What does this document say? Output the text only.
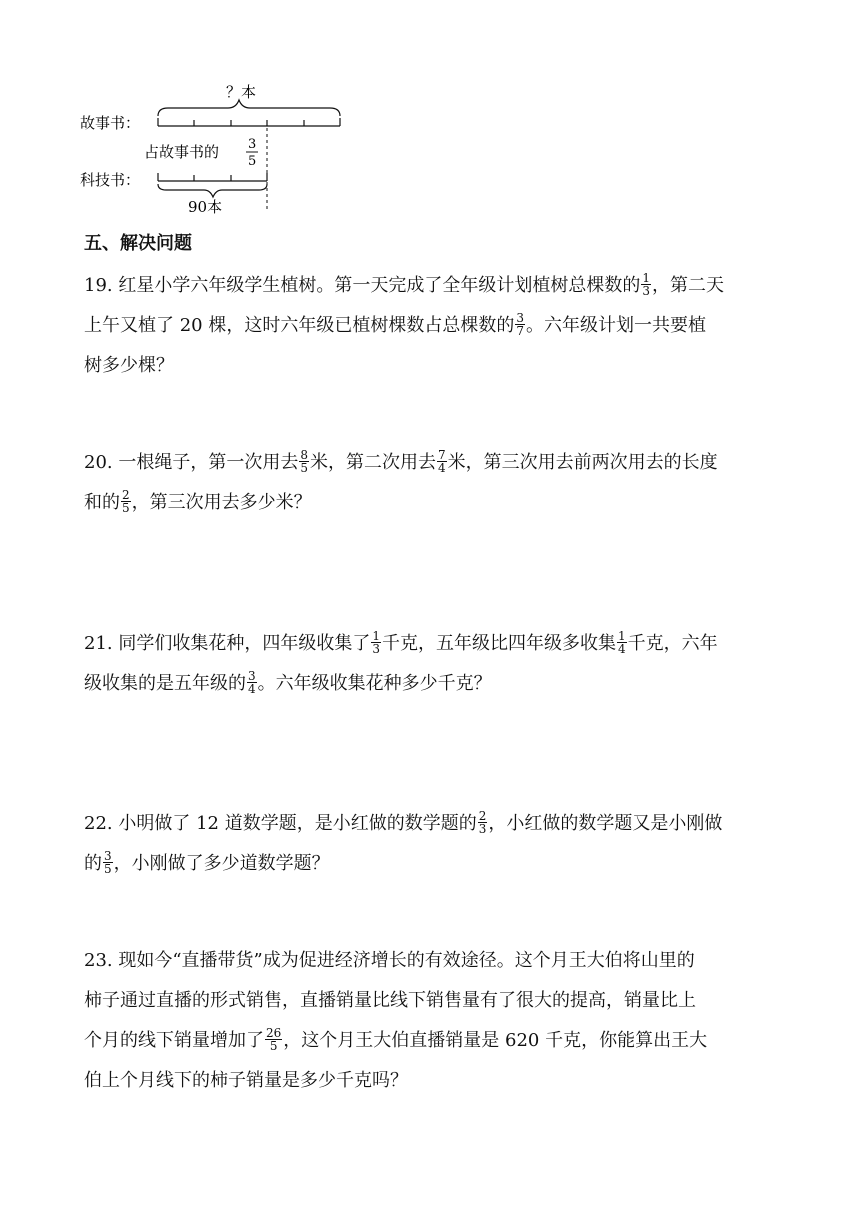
？本
故事书：
占故事书的 3
5
科技书：
90本
五、解决问题
19. 红星小学六年级学生植树。第一天完成了全年级计划植树总棵数的 $\frac{1}{3}$ ，第二天
上午又植了 20 棵，这时六年级已植树棵数占总棵数的 $\frac{3}{7}$ 。六年级计划一共要植
树多少棵？
20. 一根绳子，第一次用去 $\frac{8}{5}$ 米，第二次用去 $\frac{7}{4}$ 米，第三次用去前两次用去的长度
和的 $\frac{2}{5}$ ，第三次用去多少米？
21. 同学们收集花种，四年级收集了 $\frac{1}{3}$ 千克，五年级比四年级多收集 $\frac{1}{4}$ 千克，六年
级收集的是五年级的 $\frac{3}{4}$ 。六年级收集花种多少千克？
22. 小明做了 12 道数学题，是小红做的数学题的 $\frac{2}{3}$ ，小红做的数学题又是小刚做
的 $\frac{3}{5}$ ，小刚做了多少道数学题？
23. 现如今“直播带货”成为促进经济增长的有效途径。这个月王大伯将山里的
柿子通过直播的形式销售，直播销量比线下销售量有了很大的提高，销量比上
个月的线下销量增加了 $\frac{26}{5}$ ，这个月王大伯直播销量是 620 千克，你能算出王大
伯上个月线下的柿子销量是多少千克吗？
